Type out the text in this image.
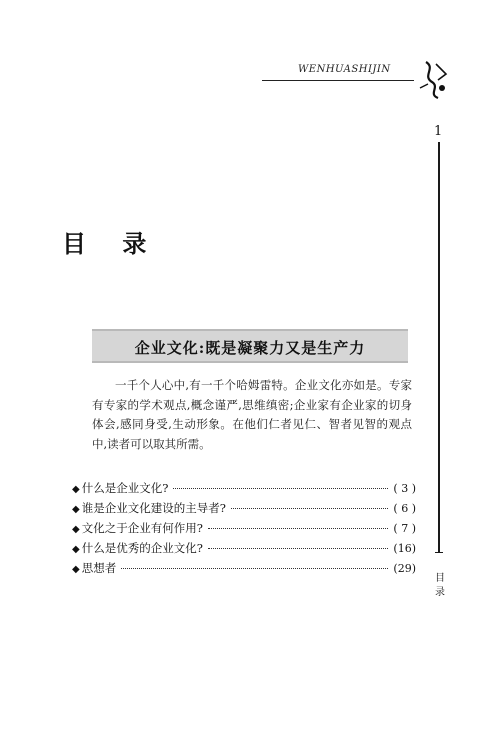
WENHUASHIJIN
1
目录
目 录
企业文化:既是凝聚力又是生产力
一千个人心中,有一千个哈姆雷特。企业文化亦如是。专家有专家的学术观点,概念谨严,思维缜密;企业家有企业家的切身体会,感同身受,生动形象。在他们仁者见仁、智者见智的观点中,读者可以取其所需。
◆ 什么是企业文化?	( 3 )
◆ 谁是企业文化建设的主导者?	( 6 )
◆ 文化之于企业有何作用?	( 7 )
◆ 什么是优秀的企业文化?	(16)
◆ 思想者	(29)
